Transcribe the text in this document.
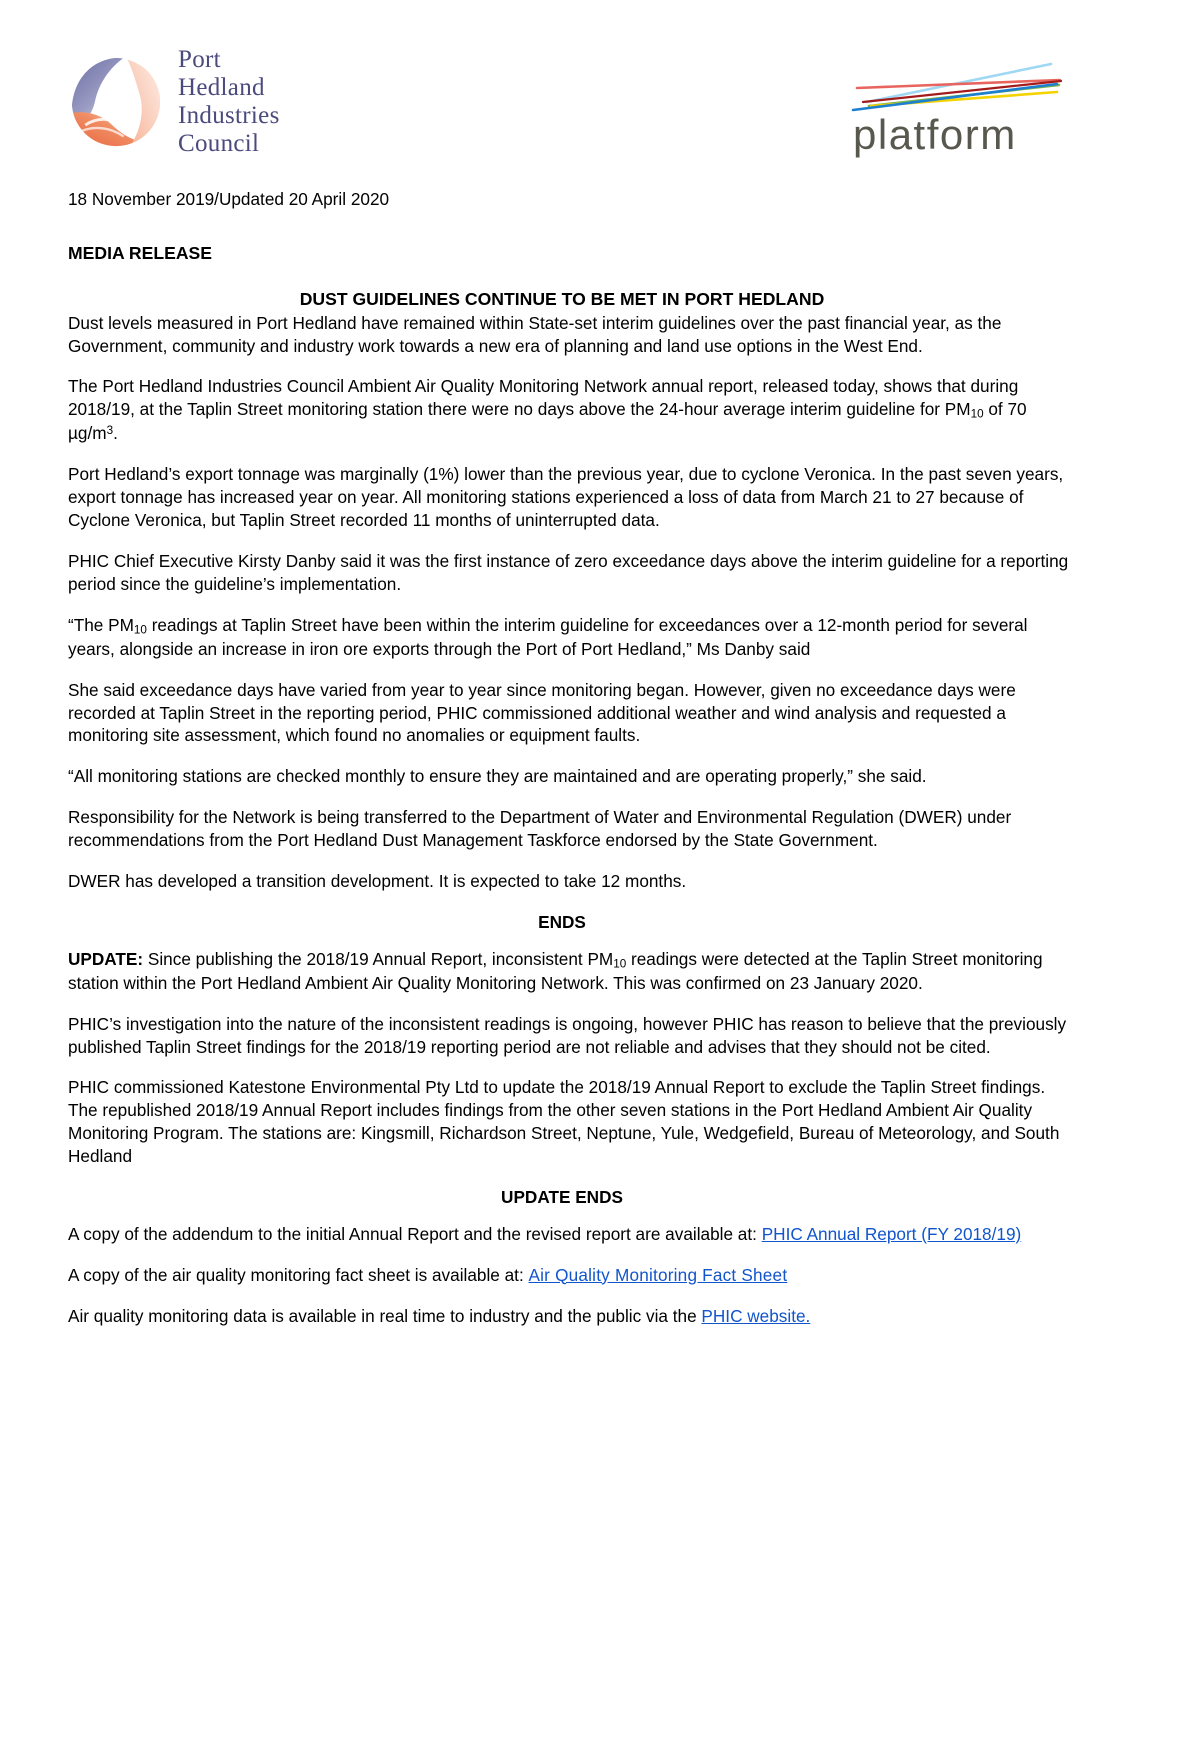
Port
Hedland
Industries
Council	platform
18 November 2019/Updated 20 April 2020
MEDIA RELEASE
DUST GUIDELINES CONTINUE TO BE MET IN PORT HEDLAND

Dust levels measured in Port Hedland have remained within State-set interim guidelines over the past financial year, as the Government, community and industry work towards a new era of planning and land use options in the West End.

The Port Hedland Industries Council Ambient Air Quality Monitoring Network annual report, released today, shows that during 2018/19, at the Taplin Street monitoring station there were no days above the 24-hour average interim guideline for $PM_{10}$ of 70 $\mu g/m^3$.

Port Hedland’s export tonnage was marginally (1%) lower than the previous year, due to cyclone Veronica. In the past seven years, export tonnage has increased year on year. All monitoring stations experienced a loss of data from March 21 to 27 because of Cyclone Veronica, but Taplin Street recorded 11 months of uninterrupted data.

PHIC Chief Executive Kirsty Danby said it was the first instance of zero exceedance days above the interim guideline for a reporting period since the guideline’s implementation.

“The $PM_{10}$ readings at Taplin Street have been within the interim guideline for exceedances over a 12-month period for several years, alongside an increase in iron ore exports through the Port of Port Hedland,” Ms Danby said

She said exceedance days have varied from year to year since monitoring began. However, given no exceedance days were recorded at Taplin Street in the reporting period, PHIC commissioned additional weather and wind analysis and requested a monitoring site assessment, which found no anomalies or equipment faults.

“All monitoring stations are checked monthly to ensure they are maintained and are operating properly,” she said.

Responsibility for the Network is being transferred to the Department of Water and Environmental Regulation (DWER) under recommendations from the Port Hedland Dust Management Taskforce endorsed by the State Government.

DWER has developed a transition development. It is expected to take 12 months.

ENDS

UPDATE: Since publishing the 2018/19 Annual Report, inconsistent $PM_{10}$ readings were detected at the Taplin Street monitoring station within the Port Hedland Ambient Air Quality Monitoring Network. This was confirmed on 23 January 2020.

PHIC’s investigation into the nature of the inconsistent readings is ongoing, however PHIC has reason to believe that the previously published Taplin Street findings for the 2018/19 reporting period are not reliable and advises that they should not be cited.

PHIC commissioned Katestone Environmental Pty Ltd to update the 2018/19 Annual Report to exclude the Taplin Street findings. The republished 2018/19 Annual Report includes findings from the other seven stations in the Port Hedland Ambient Air Quality Monitoring Program. The stations are: Kingsmill, Richardson Street, Neptune, Yule, Wedgefield, Bureau of Meteorology, and South Hedland

UPDATE ENDS

A copy of the addendum to the initial Annual Report and the revised report are available at: PHIC Annual Report (FY 2018/19)

A copy of the air quality monitoring fact sheet is available at: Air Quality Monitoring Fact Sheet

Air quality monitoring data is available in real time to industry and the public via the PHIC website.
